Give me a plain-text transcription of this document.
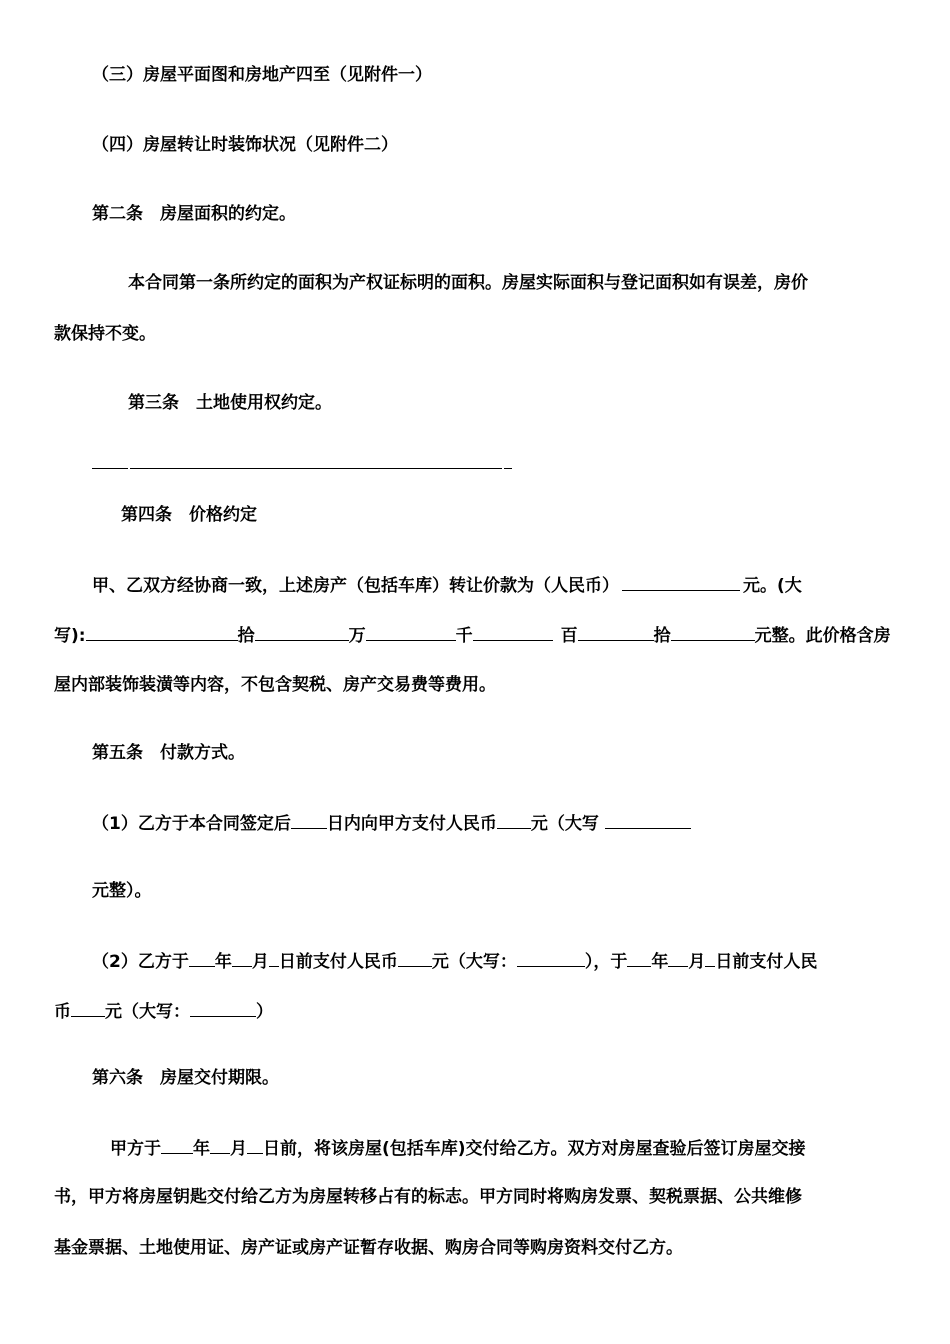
（三）房屋平面图和房地产四至（见附件一）
（四）房屋转让时装饰状况（见附件二）
第二条　房屋面积的约定。
本合同第一条所约定的面积为产权证标明的面积。房屋实际面积与登记面积如有误差，房价
款保持不变。
第三条　土地使用权约定。
第四条　价格约定
甲、乙双方经协商一致，上述房产（包括车库）转让价款为（人民币）	元。(大
写):	拾	万	千	百	拾	元整。此价格含房
屋内部装饰装潢等内容，不包含契税、房产交易费等费用。
第五条　付款方式。
（1）乙方于本合同签定后 日内向甲方支付人民币 元（大写
元整）。
（2）乙方于 年 月 日前支付人民币 元（大写：	），于 年 月 日前支付人民
币 元（大写：	）
第六条　房屋交付期限。
甲方于 年 月 日前，将该房屋(包括车库)交付给乙方。双方对房屋查验后签订房屋交接
书，甲方将房屋钥匙交付给乙方为房屋转移占有的标志。甲方同时将购房发票、契税票据、公共维修
基金票据、土地使用证、房产证或房产证暂存收据、购房合同等购房资料交付乙方。
